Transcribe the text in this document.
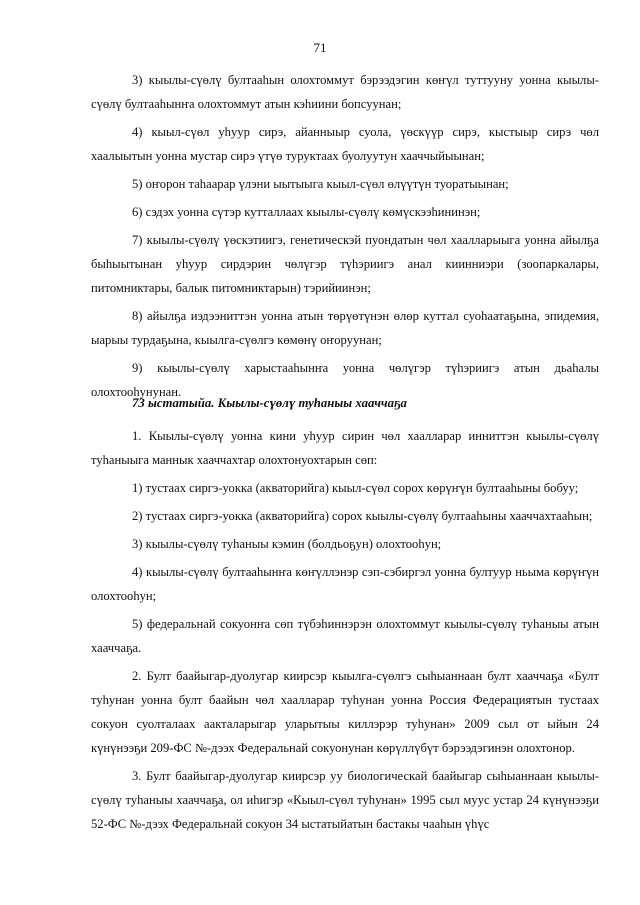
71

3) кыылы-сүөлү бултааһын олохтоммут бэрээдэгин көҥүл туттууну уонна кыылы-сүөлү бултааһынҥа олохтоммут атын кэһиини бопсуунан;

4) кыыл-сүөл уһуур сирэ, айанныыр суола, үөскүүр сирэ, кыстыыр сирэ чөл хаалыытын уонна мустар сирэ үтүө туруктаах буолуутун хааччыйыынан;

5) оҥорон таһаарар үлэни ыытыыга кыыл-сүөл өлүүтүн туоратыынан;

6) сэдэх уонна сүтэр кутталлаах кыылы-сүөлү көмүскээһининэн;

7) кыылы-сүөлү үөскэтиигэ, генетическэй пуондатын чөл хаалларыыга уонна айылҕа быһыытынан уһуур сирдэрин чөлүгэр түһэриигэ анал киинниэри (зоопаркалары, питомниктары, балык питомниктарын) тэрийиинэн;

8) айылҕа иэдээниттэн уонна атын төрүөтүнэн өлөр куттал суоһаатаҕына, эпидемия, ыарыы турдаҕына, кыылга-сүөлгэ көмөнү оҥоруунан;

9) кыылы-сүөлү харыстааһынҥа уонна чөлүгэр түһэриигэ атын дьаһалы олохтооһунунан.

73 ыстатыйа. Кыылы-сүөлү туһаныы хааччаҕа

1. Кыылы-сүөлү уонна кини уһуур сирин чөл хаалларар инниттэн кыылы-сүөлү туһаныыга маннык хааччахтар олохтонуохтарын сөп:

1) тустаах сиргэ-уокка (акваторийга) кыыл-сүөл сорох көрүҥүн бултааһыны бобуу;

2) тустаах сиргэ-уокка (акваторийга) сорох кыылы-сүөлү бултааһыны хааччахтааһын;

3) кыылы-сүөлү туһаныы кэмин (болдьоҕун) олохтооһун;

4) кыылы-сүөлү бултааһынҥа көҥүллэнэр сэп-сэбиргэл уонна бултуур ньыма көрүҥүн олохтооһун;

5) федеральнай сокуонҥа сөп түбэһиннэрэн олохтоммут кыылы-сүөлү туһаныы атын хааччаҕа.

2. Булт баайыгар-дуолугар киирсэр кыылга-сүөлгэ сыһыаннаан булт хааччаҕа «Булт туһунан уонна булт баайын чөл хаалларар туһунан уонна Россия Федерациятын тустаах сокуон суолталаах аакталарыгар уларытыы киллэрэр туһунан» 2009 сыл от ыйын 24 күнүнээҕи 209-ФС №-дээх Федеральнай сокуонунан көрүллүбүт бэрээдэгинэн олохтонор.

3. Булт баайыгар-дуолугар киирсэр уу биологическай баайыгар сыһыаннаан кыылы-сүөлү туһаныы хааччаҕа, ол иһигэр «Кыыл-сүөл туһунан» 1995 сыл муус устар 24 күнүнээҕи 52-ФС №-дээх Федеральнай сокуон 34 ыстатыйатын бастакы чааһын үһүс
